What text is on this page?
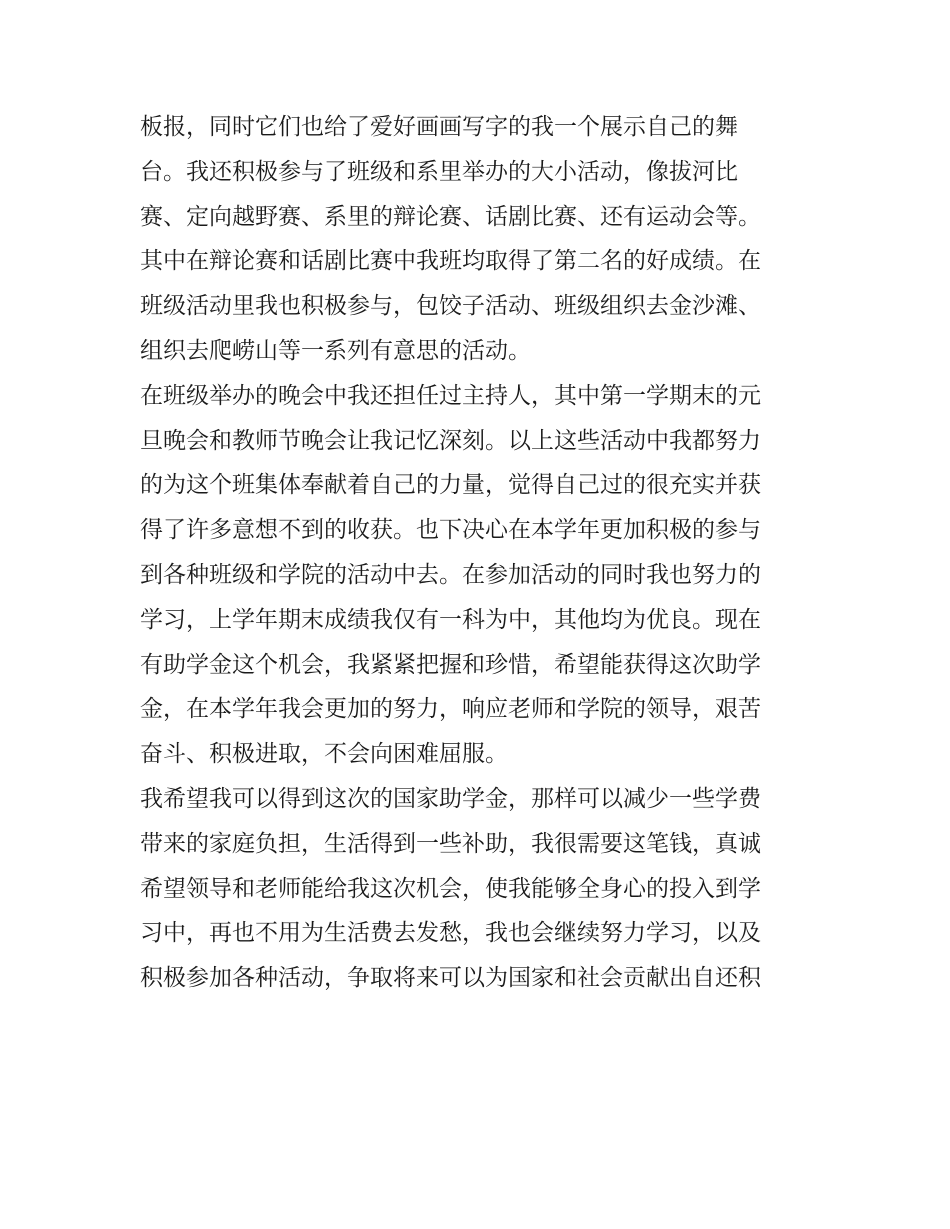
板报，同时它们也给了爱好画画写字的我一个展示自己的舞
台。我还积极参与了班级和系里举办的大小活动，像拔河比
赛、定向越野赛、系里的辩论赛、话剧比赛、还有运动会等。
其中在辩论赛和话剧比赛中我班均取得了第二名的好成绩。在
班级活动里我也积极参与，包饺子活动、班级组织去金沙滩、
组织去爬崂山等一系列有意思的活动。
在班级举办的晚会中我还担任过主持人，其中第一学期末的元
旦晚会和教师节晚会让我记忆深刻。以上这些活动中我都努力
的为这个班集体奉献着自己的力量，觉得自己过的很充实并获
得了许多意想不到的收获。也下决心在本学年更加积极的参与
到各种班级和学院的活动中去。在参加活动的同时我也努力的
学习，上学年期末成绩我仅有一科为中，其他均为优良。现在
有助学金这个机会，我紧紧把握和珍惜，希望能获得这次助学
金，在本学年我会更加的努力，响应老师和学院的领导，艰苦
奋斗、积极进取，不会向困难屈服。
我希望我可以得到这次的国家助学金，那样可以减少一些学费
带来的家庭负担，生活得到一些补助，我很需要这笔钱，真诚
希望领导和老师能给我这次机会，使我能够全身心的投入到学
习中，再也不用为生活费去发愁，我也会继续努力学习，以及
积极参加各种活动，争取将来可以为国家和社会贡献出自还积
